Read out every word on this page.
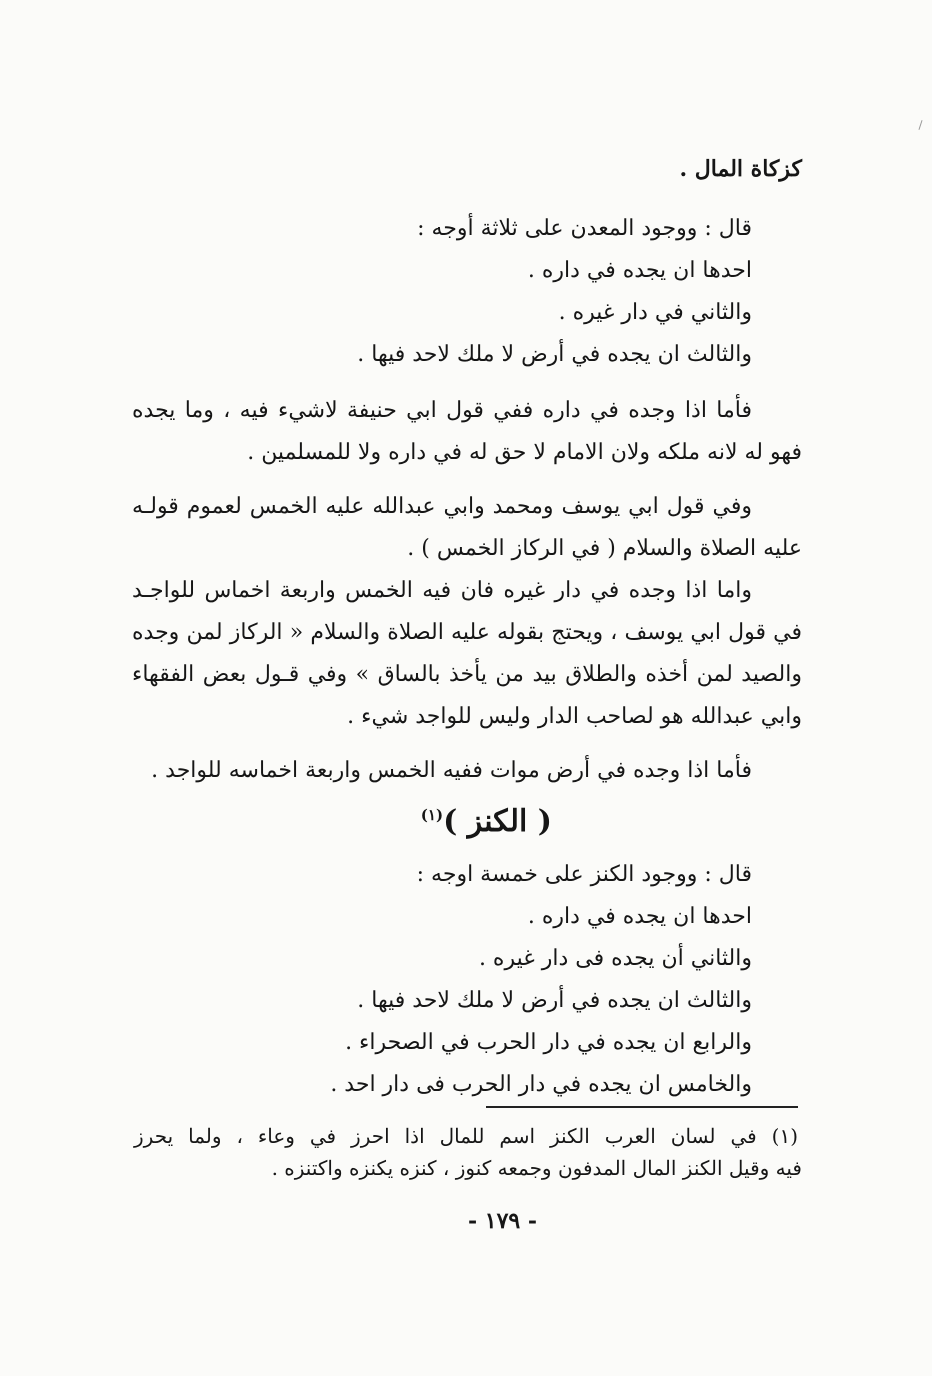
كزكاة المال .
قال : ووجود المعدن على ثلاثة أوجه :
احدها ان يجده في داره .
والثاني في دار غيره .
والثالث ان يجده في أرض لا ملك لاحد فيها .
فأما اذا وجده في داره ففي قول ابي حنيفة لاشيء فيه ، وما يجده
فهو له لانه ملكه ولان الامام لا حق له في داره ولا للمسلمين .
وفي قول ابي يوسف ومحمد وابي عبدالله عليه الخمس لعموم قولـه
عليه الصلاة والسلام ( في الركاز الخمس ) .
واما اذا وجده في دار غيره فان فيه الخمس واربعة اخماس للواجـد
في قول ابي يوسف ، ويحتج بقوله عليه الصلاة والسلام « الركاز لمن وجده
والصيد لمن أخذه والطلاق بيد من يأخذ بالساق » وفي قـول بعض الفقهاء
وابي عبدالله هو لصاحب الدار وليس للواجد شيء .
فأما اذا وجده في أرض موات ففيه الخمس واربعة اخماسه للواجد .
( الكنز )$^{(١)}$
قال : ووجود الكنز على خمسة اوجه :
احدها ان يجده في داره .
والثاني أن يجده فى دار غيره .
والثالث ان يجده في أرض لا ملك لاحد فيها .
والرابع ان يجده في دار الحرب في الصحراء .
والخامس ان يجده في دار الحرب فى دار احد .
(١) في لسان العرب الكنز اسم للمال اذا احرز في وعاء ، ولما يحرز
فيه وقيل الكنز المال المدفون وجمعه كنوز ، كنزه يكنزه واكتنزه .
- ١٧٩ -
